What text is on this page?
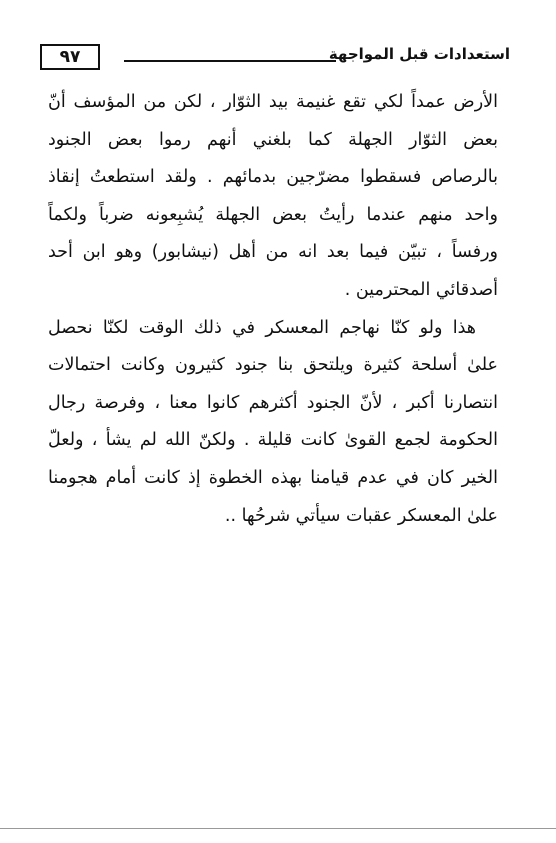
٩٧	استعدادات قبل المواجهة
الأرض عمداً لكي تقع غنيمة بيد الثوّار ، لكن من المؤسف أنّ
بعض الثوّار الجهلة كما بلغني أنهم رموا بعض الجنود
بالرصاص فسقطوا مضرّجين بدمائهم . ولقد استطعتُ إنقاذ
واحد منهم عندما رأيتُ بعض الجهلة يُشبِعونه ضرباً ولكماً
ورفساً ، تبيّن فيما بعد انه من أهل (نيشابور) وهو ابن أحد
أصدقائي المحترمين .
هذا ولو كنّا نهاجم المعسكر في ذلك الوقت لكنّا نحصل
علىٰ أسلحة كثيرة ويلتحق بنا جنود كثيرون وكانت احتمالات
انتصارنا أكبر ، لأنّ الجنود أكثرهم كانوا معنا ، وفرصة رجال
الحكومة لجمع القوىٰ كانت قليلة . ولكنّ الله لم يشأ ، ولعلّ
الخير كان في عدم قيامنا بهذه الخطوة إذ كانت أمام هجومنا
علىٰ المعسكر عقبات سيأتي شرحُها ..
